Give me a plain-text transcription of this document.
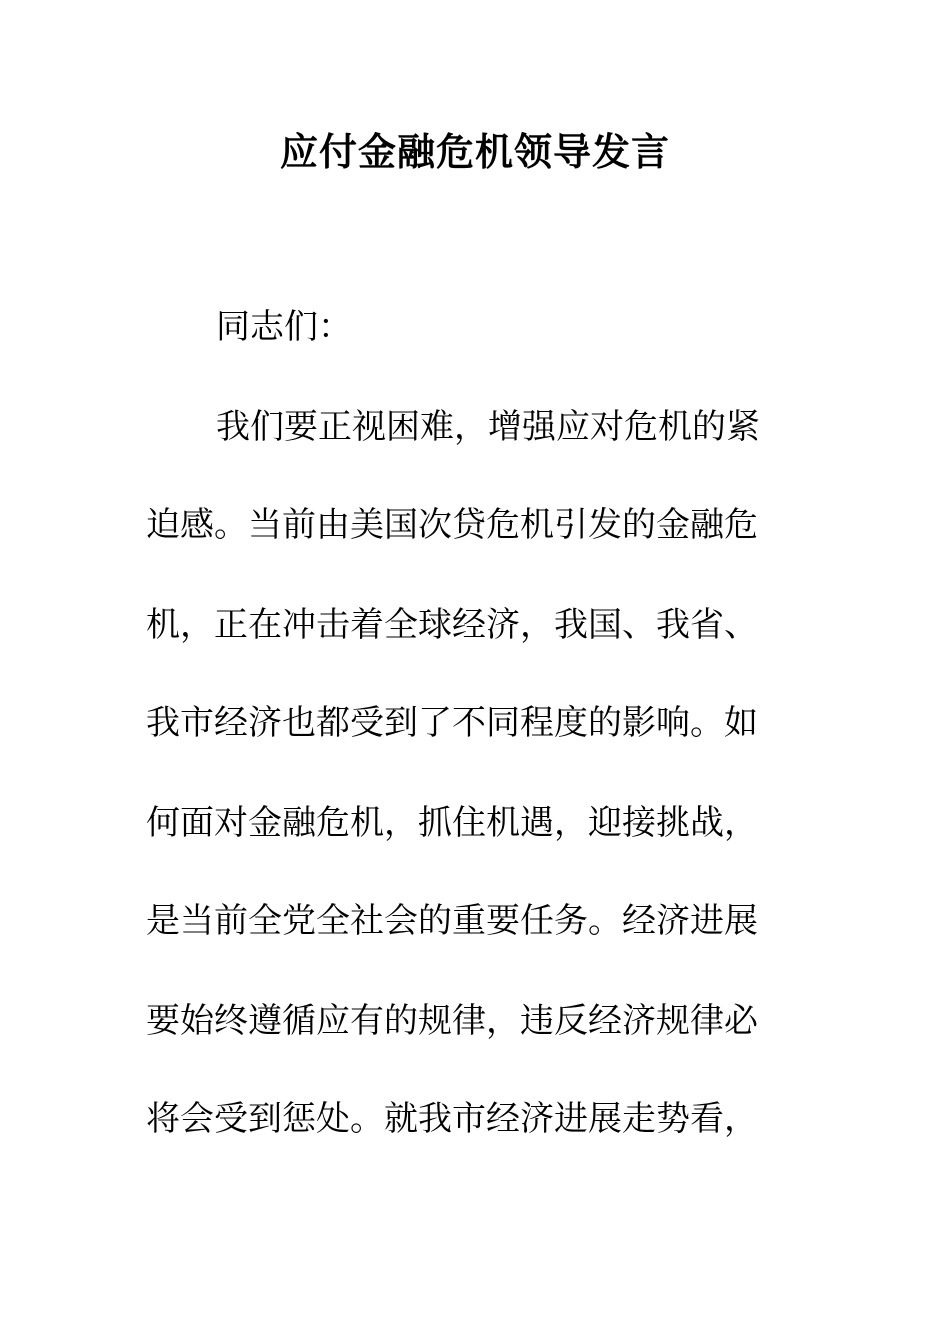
应付金融危机领导发言
同志们：
我们要正视困难，增强应对危机的紧
迫感。当前由美国次贷危机引发的金融危
机，正在冲击着全球经济，我国、我省、
我市经济也都受到了不同程度的影响。如
何面对金融危机，抓住机遇，迎接挑战，
是当前全党全社会的重要任务。经济进展
要始终遵循应有的规律，违反经济规律必
将会受到惩处。就我市经济进展走势看，
